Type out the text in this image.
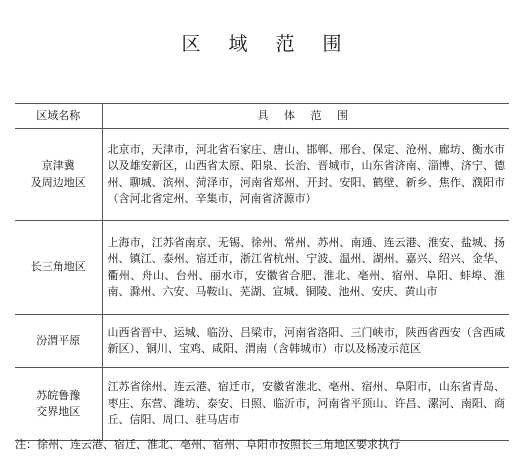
区 域 范 围
区域名称	具 体 范 围
京津冀
及周边地区	北京市，天津市，河北省石家庄、唐山、邯郸、邢台、保定、沧州、廊坊、衡水市以及雄安新区，山西省太原、阳泉、长治、晋城市，山东省济南、淄博、济宁、德州、聊城、滨州、菏泽市，河南省郑州、开封、安阳、鹤壁、新乡、焦作、濮阳市（含河北省定州、辛集市，河南省济源市）
长三角地区	上海市，江苏省南京、无锡、徐州、常州、苏州、南通、连云港、淮安、盐城、扬州、镇江、泰州、宿迁市，浙江省杭州、宁波、温州、湖州、嘉兴、绍兴、金华、衢州、舟山、台州、丽水市，安徽省合肥、淮北、亳州、宿州、阜阳、蚌埠、淮南、滁州、六安、马鞍山、芜湖、宣城、铜陵、池州、安庆、黄山市
汾渭平原	山西省晋中、运城、临汾、吕梁市，河南省洛阳、三门峡市，陕西省西安（含西咸新区）、铜川、宝鸡、咸阳、渭南（含韩城市）市以及杨凌示范区
苏皖鲁豫
交界地区	江苏省徐州、连云港、宿迁市，安徽省淮北、亳州、宿州、阜阳市，山东省青岛、枣庄、东营、潍坊、泰安、日照、临沂市，河南省平顶山、许昌、漯河、南阳、商丘、信阳、周口、驻马店市
注：徐州、连云港、宿迁、淮北、亳州、宿州、阜阳市按照长三角地区要求执行
